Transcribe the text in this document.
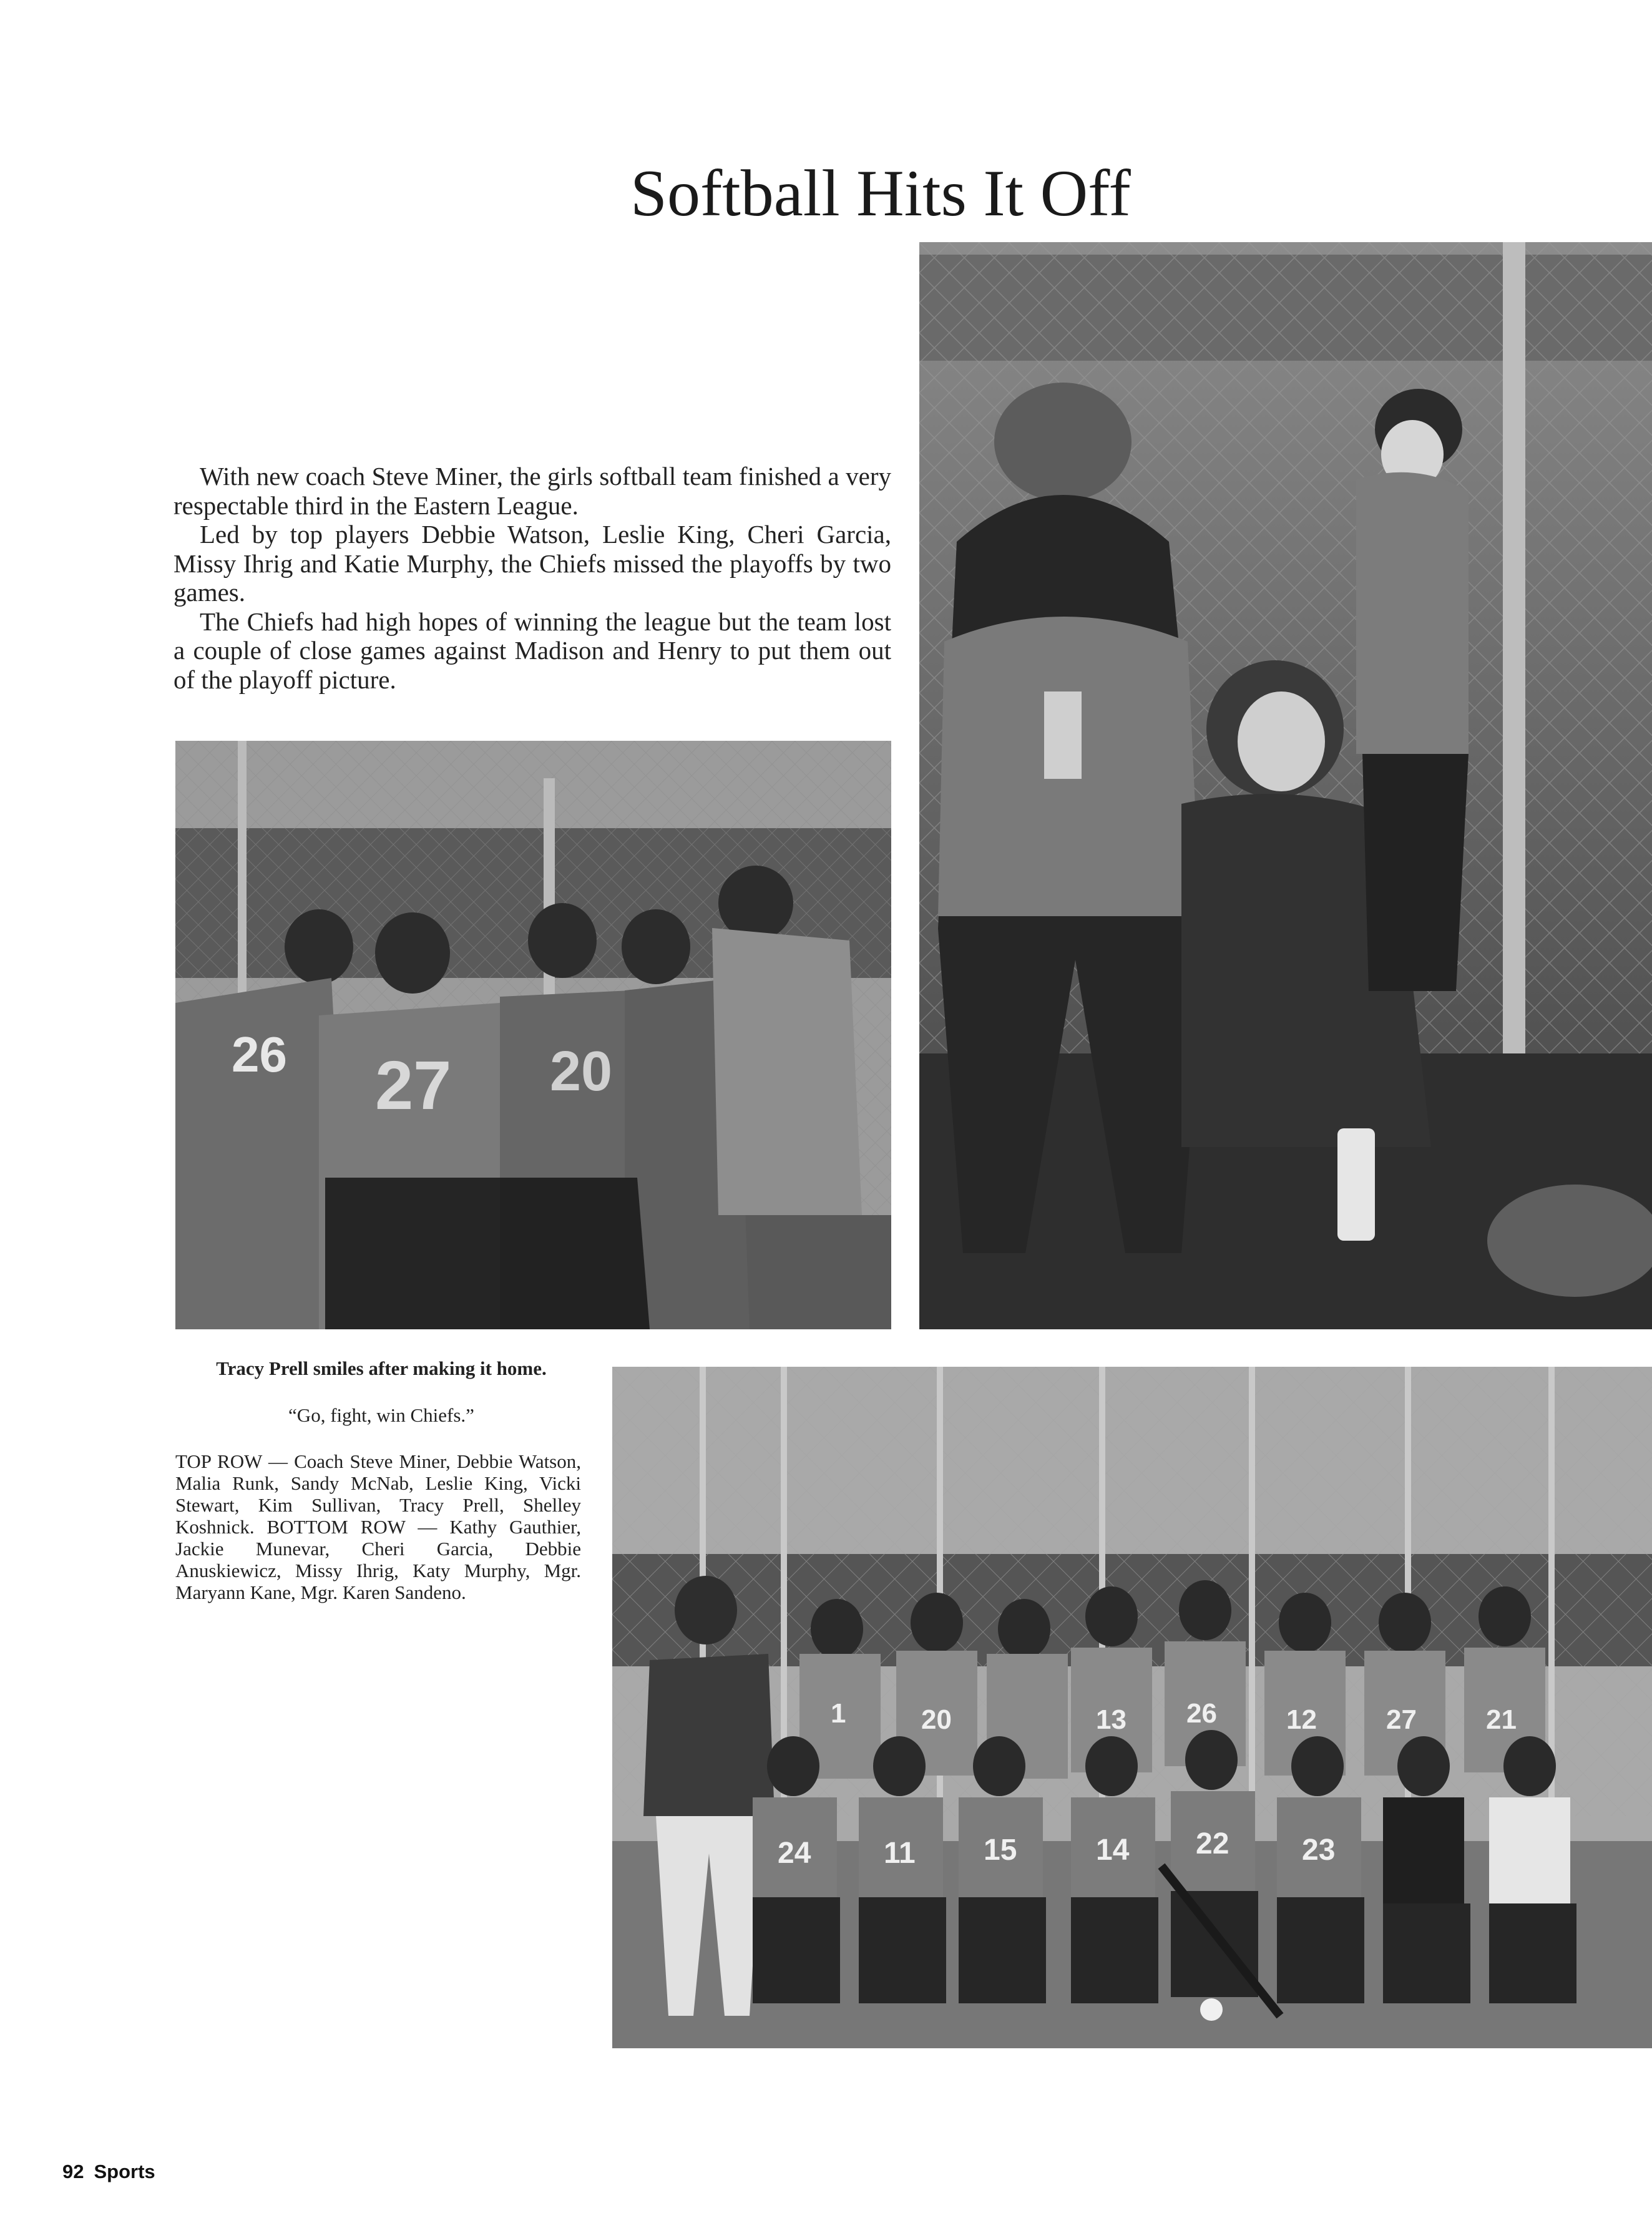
Softball Hits It Off

With new coach Steve Miner, the girls softball team finished a very respectable third in the Eastern League.

Led by top players Debbie Watson, Leslie King, Cheri Garcia, Missy Ihrig and Katie Murphy, the Chiefs missed the playoffs by two games.

The Chiefs had high hopes of winning the league but the team lost a couple of close games against Madison and Henry to put them out of the playoff picture.

26 27 20
1	20	13 26	12	27	21
24 11 15	14 22 23
Tracy Prell smiles after making it home.
“Go, fight, win Chiefs.”
TOP ROW — Coach Steve Miner, Debbie Watson, Malia Runk, Sandy McNab, Leslie King, Vicki Stewart, Kim Sullivan, Tracy Prell, Shelley Koshnick. BOTTOM ROW — Kathy Gauthier, Jackie Munevar, Cheri Garcia, Debbie Anuskiewicz, Missy Ihrig, Katy Murphy, Mgr. Maryann Kane, Mgr. Karen Sandeno.
92 Sports
